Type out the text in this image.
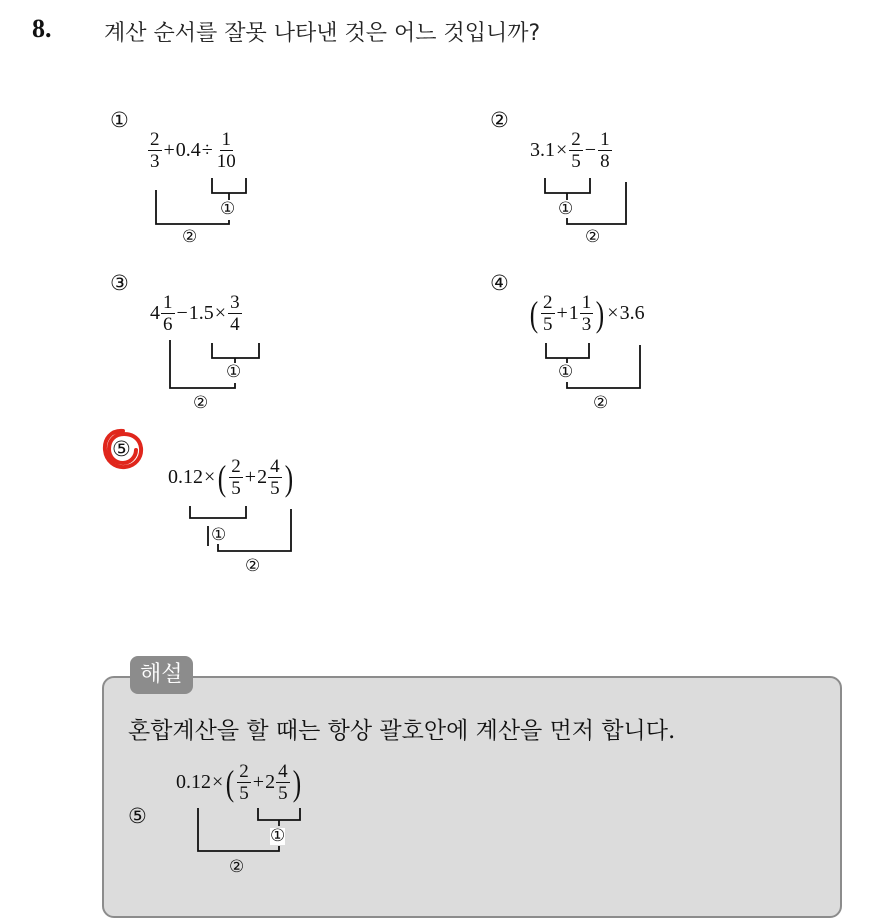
8. 계산 순서를 잘못 나타낸 것은 어느 것입니까?
①
$\frac{2}{3} + 0.4 \div \frac{1}{10}$
①
②
②
$3.1 \times \frac{2}{5} - \frac{1}{8}$
①
②
③
$4 \frac{1}{6} - 1.5 \times \frac{3}{4}$
①
②
④
( $\frac{2}{5} + 1 \frac{1}{3}$ ) × 3.6
①
②
⑤
0.12 × ( $\frac{2}{5} + 2 \frac{4}{5}$ )
①
②
해설
혼합계산을 할 때는 항상 괄호안에 계산을 먼저 합니다.
⑤
0.12 × ( $\frac{2}{5} + 2 \frac{4}{5}$ )
①
②
